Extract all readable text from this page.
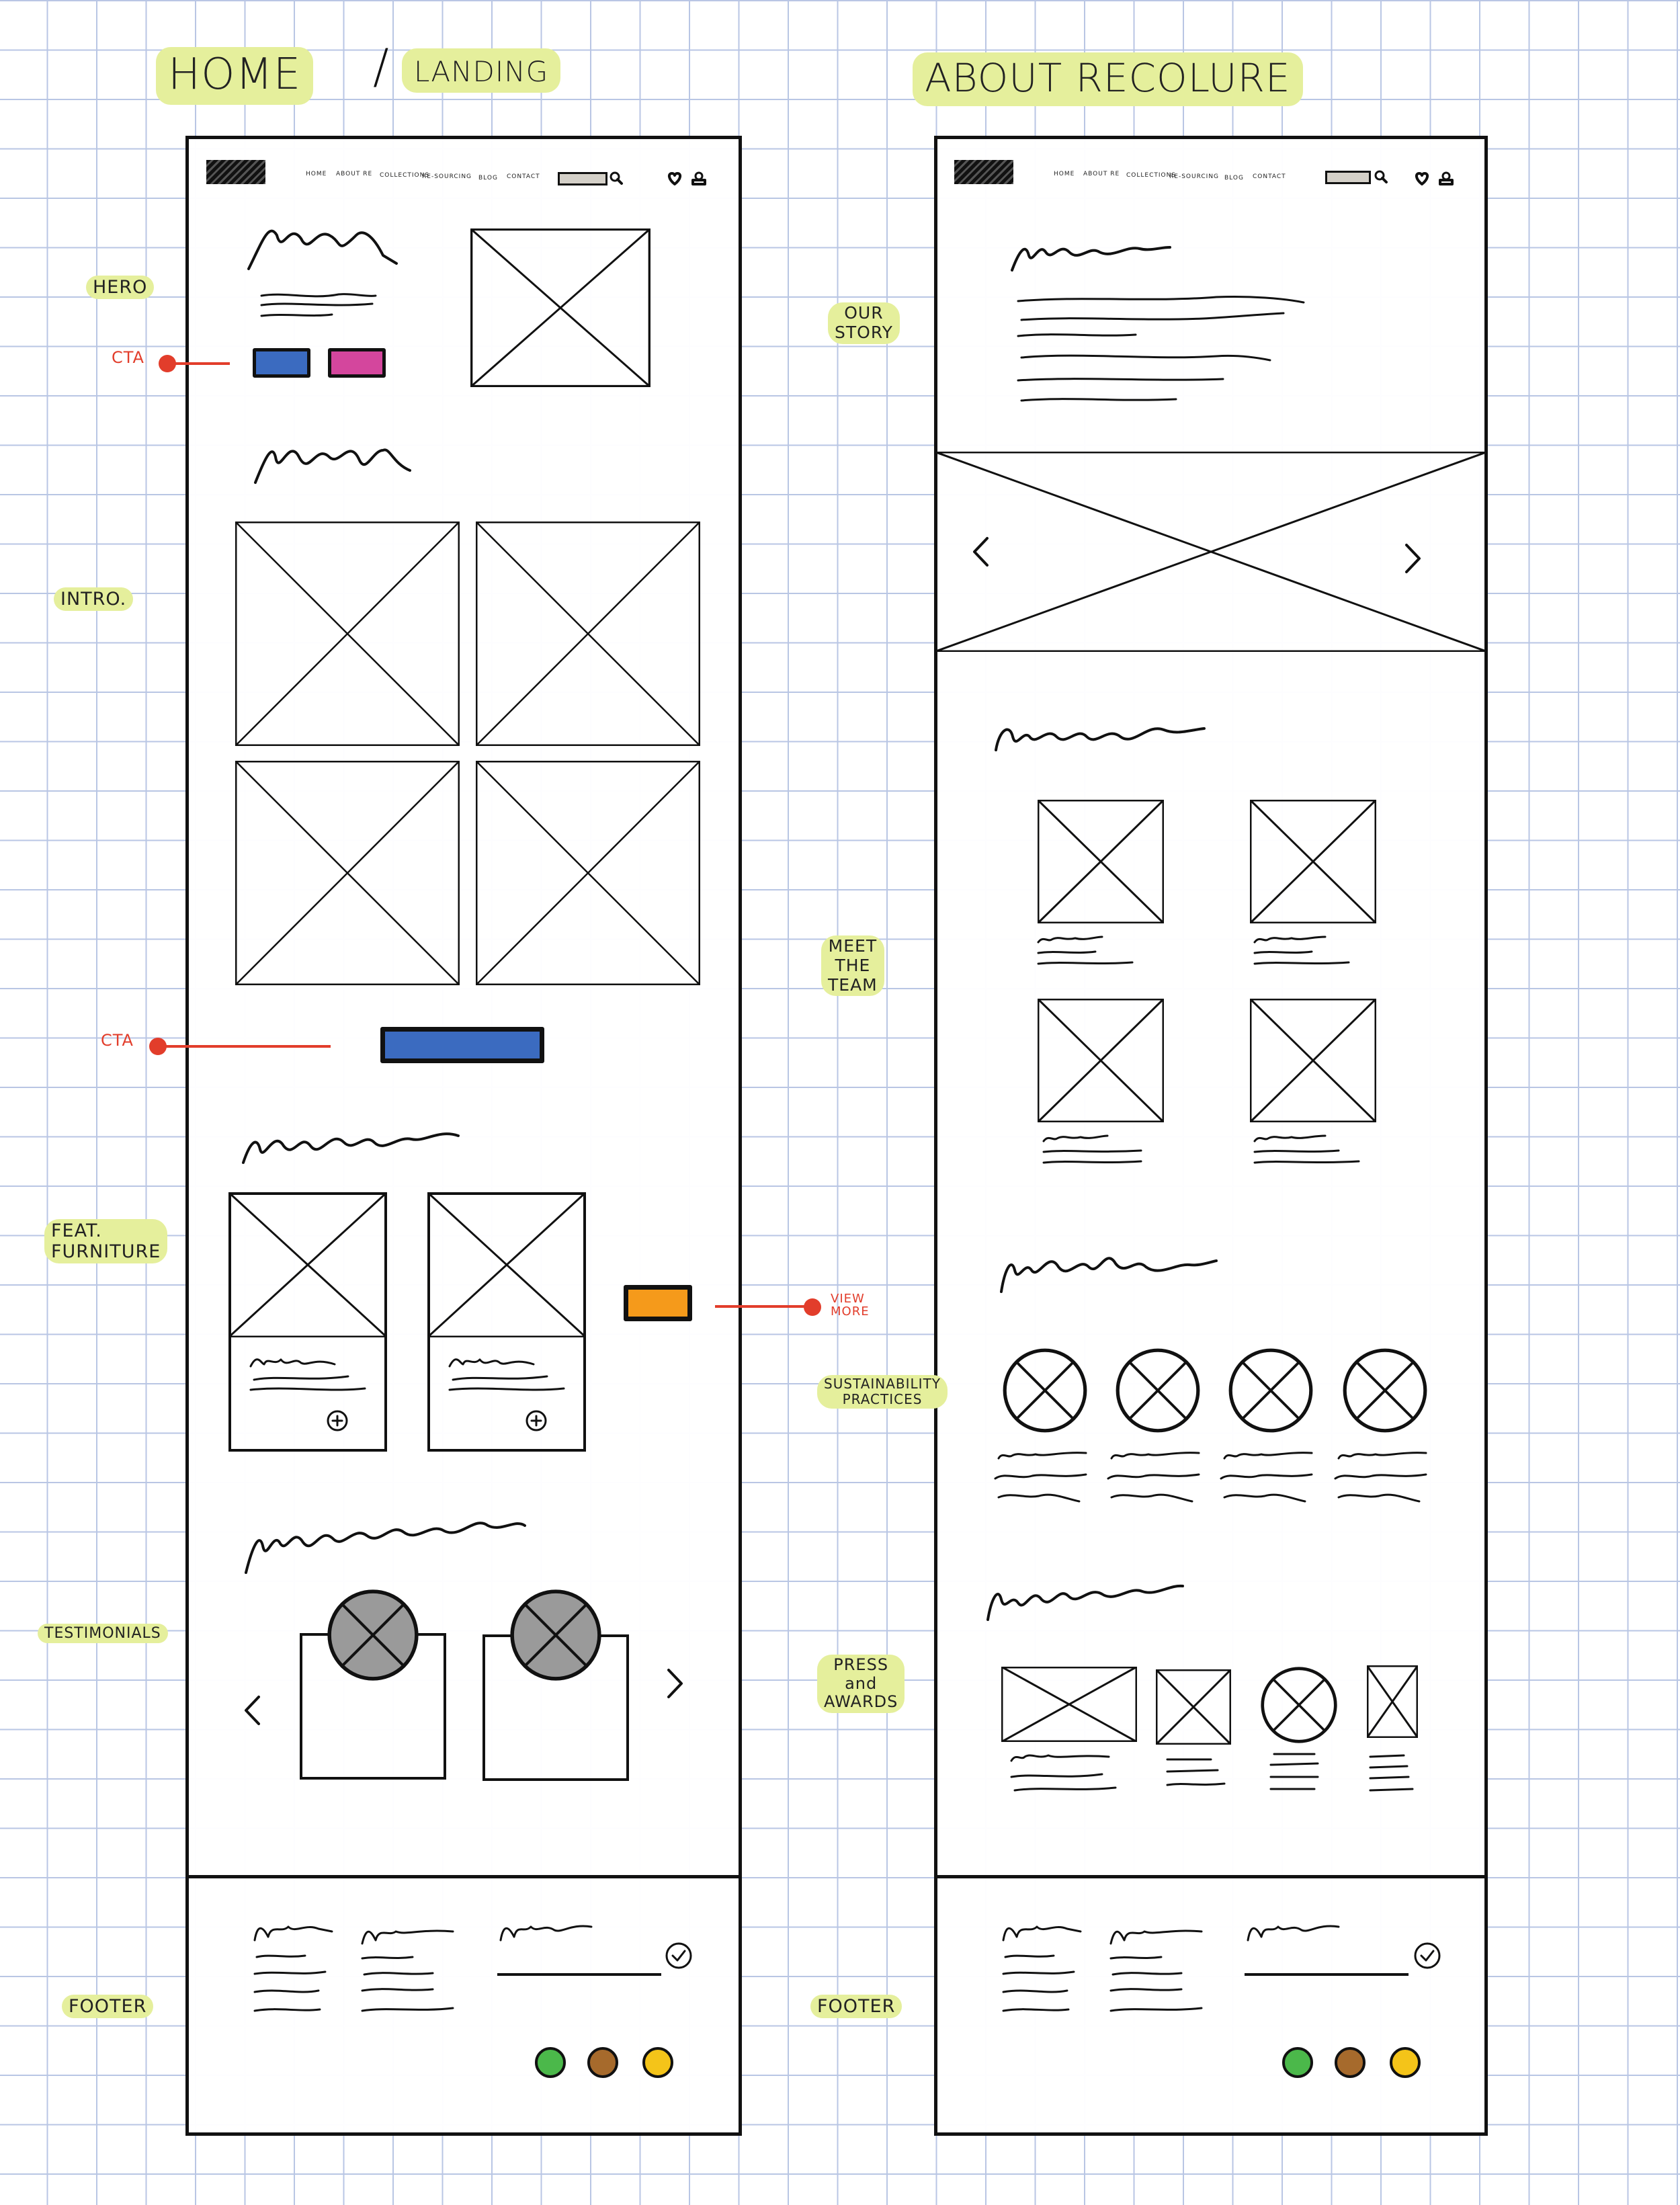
HOME / LANDING	ABOUT RECOLURE
HOME ABOUT RE COLLECTIONS
RE-SOURCING BLOG CONTACT
HERO
CTA
INTRO.
CTA
FEAT.
FURNITURE
VIEW
MORE
TESTIMONIALS
FOOTER
HOME ABOUT RE COLLECTIONS
RE-SOURCING BLOG CONTACT
OUR
STORY
MEET
THE
TEAM
SUSTAINABILITY
PRACTICES
PRESS
and
AWARDS
FOOTER
